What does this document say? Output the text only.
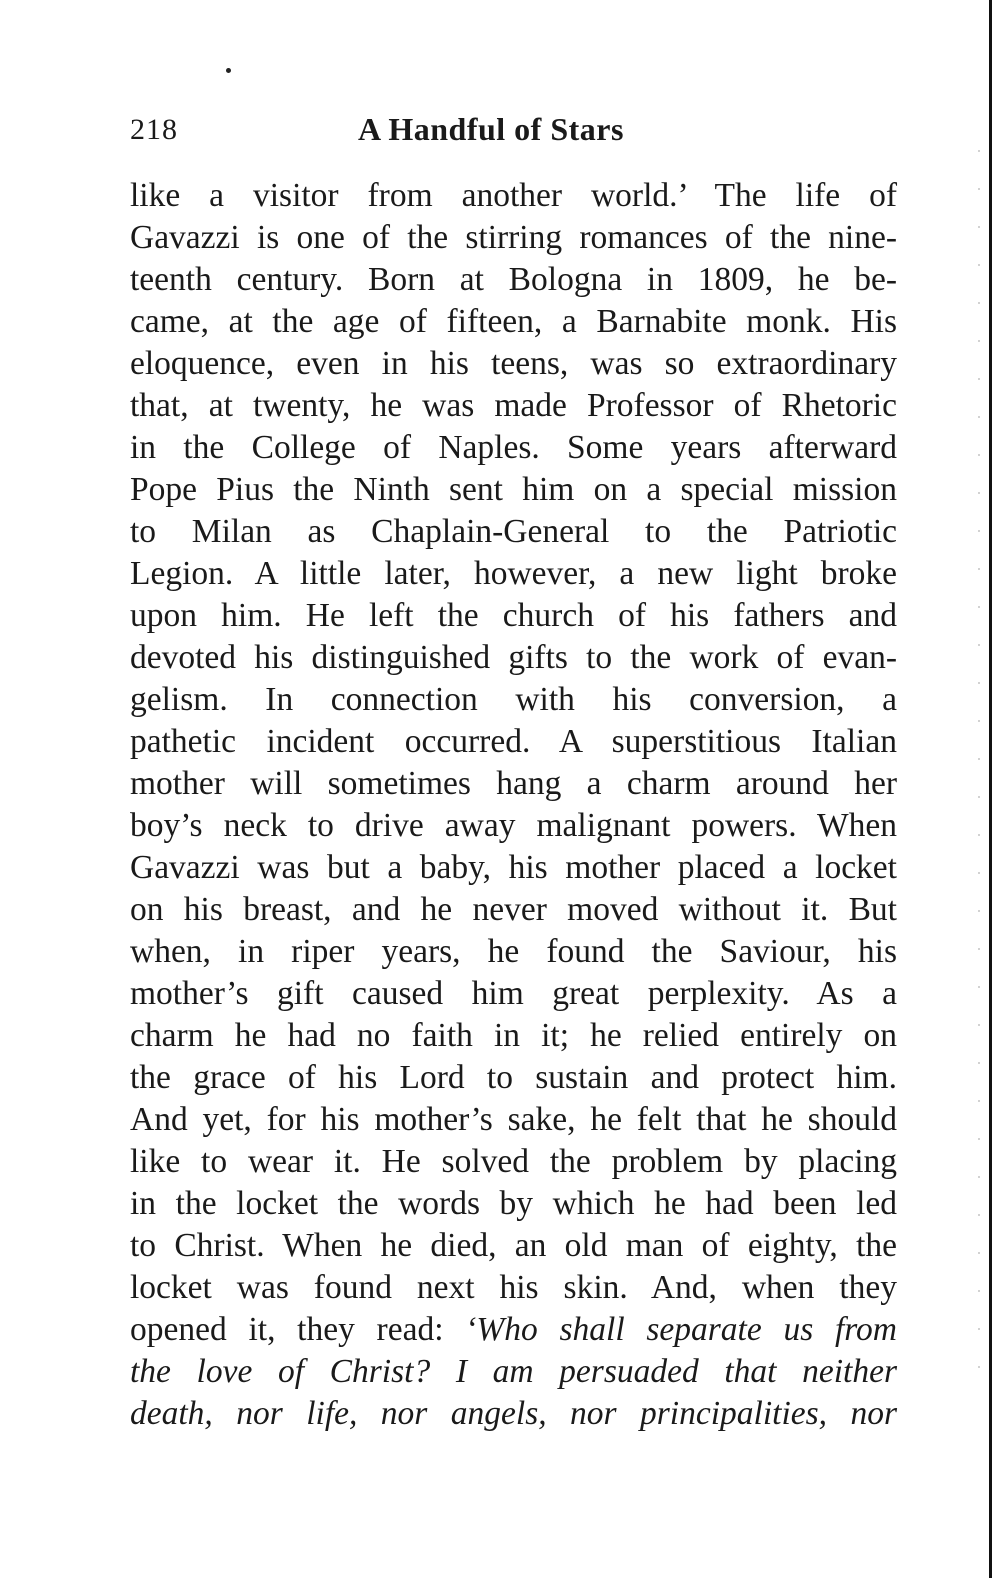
218	A Handful of Stars
like a visitor from another world.’ The life of
Gavazzi is one of the stirring romances of the nine-
teenth century. Born at Bologna in 1809, he be-
came, at the age of fifteen, a Barnabite monk. His
eloquence, even in his teens, was so extraordinary
that, at twenty, he was made Professor of Rhetoric
in the College of Naples. Some years afterward
Pope Pius the Ninth sent him on a special mission
to Milan as Chaplain-General to the Patriotic
Legion. A little later, however, a new light broke
upon him. He left the church of his fathers and
devoted his distinguished gifts to the work of evan-
gelism. In connection with his conversion, a
pathetic incident occurred. A superstitious Italian
mother will sometimes hang a charm around her
boy’s neck to drive away malignant powers. When
Gavazzi was but a baby, his mother placed a locket
on his breast, and he never moved without it. But
when, in riper years, he found the Saviour, his
mother’s gift caused him great perplexity. As a
charm he had no faith in it; he relied entirely on
the grace of his Lord to sustain and protect him.
And yet, for his mother’s sake, he felt that he should
like to wear it. He solved the problem by placing
in the locket the words by which he had been led
to Christ. When he died, an old man of eighty, the
locket was found next his skin. And, when they
opened it, they read: ‘Who shall separate us from
the love of Christ? I am persuaded that neither
death, nor life, nor angels, nor principalities, nor
